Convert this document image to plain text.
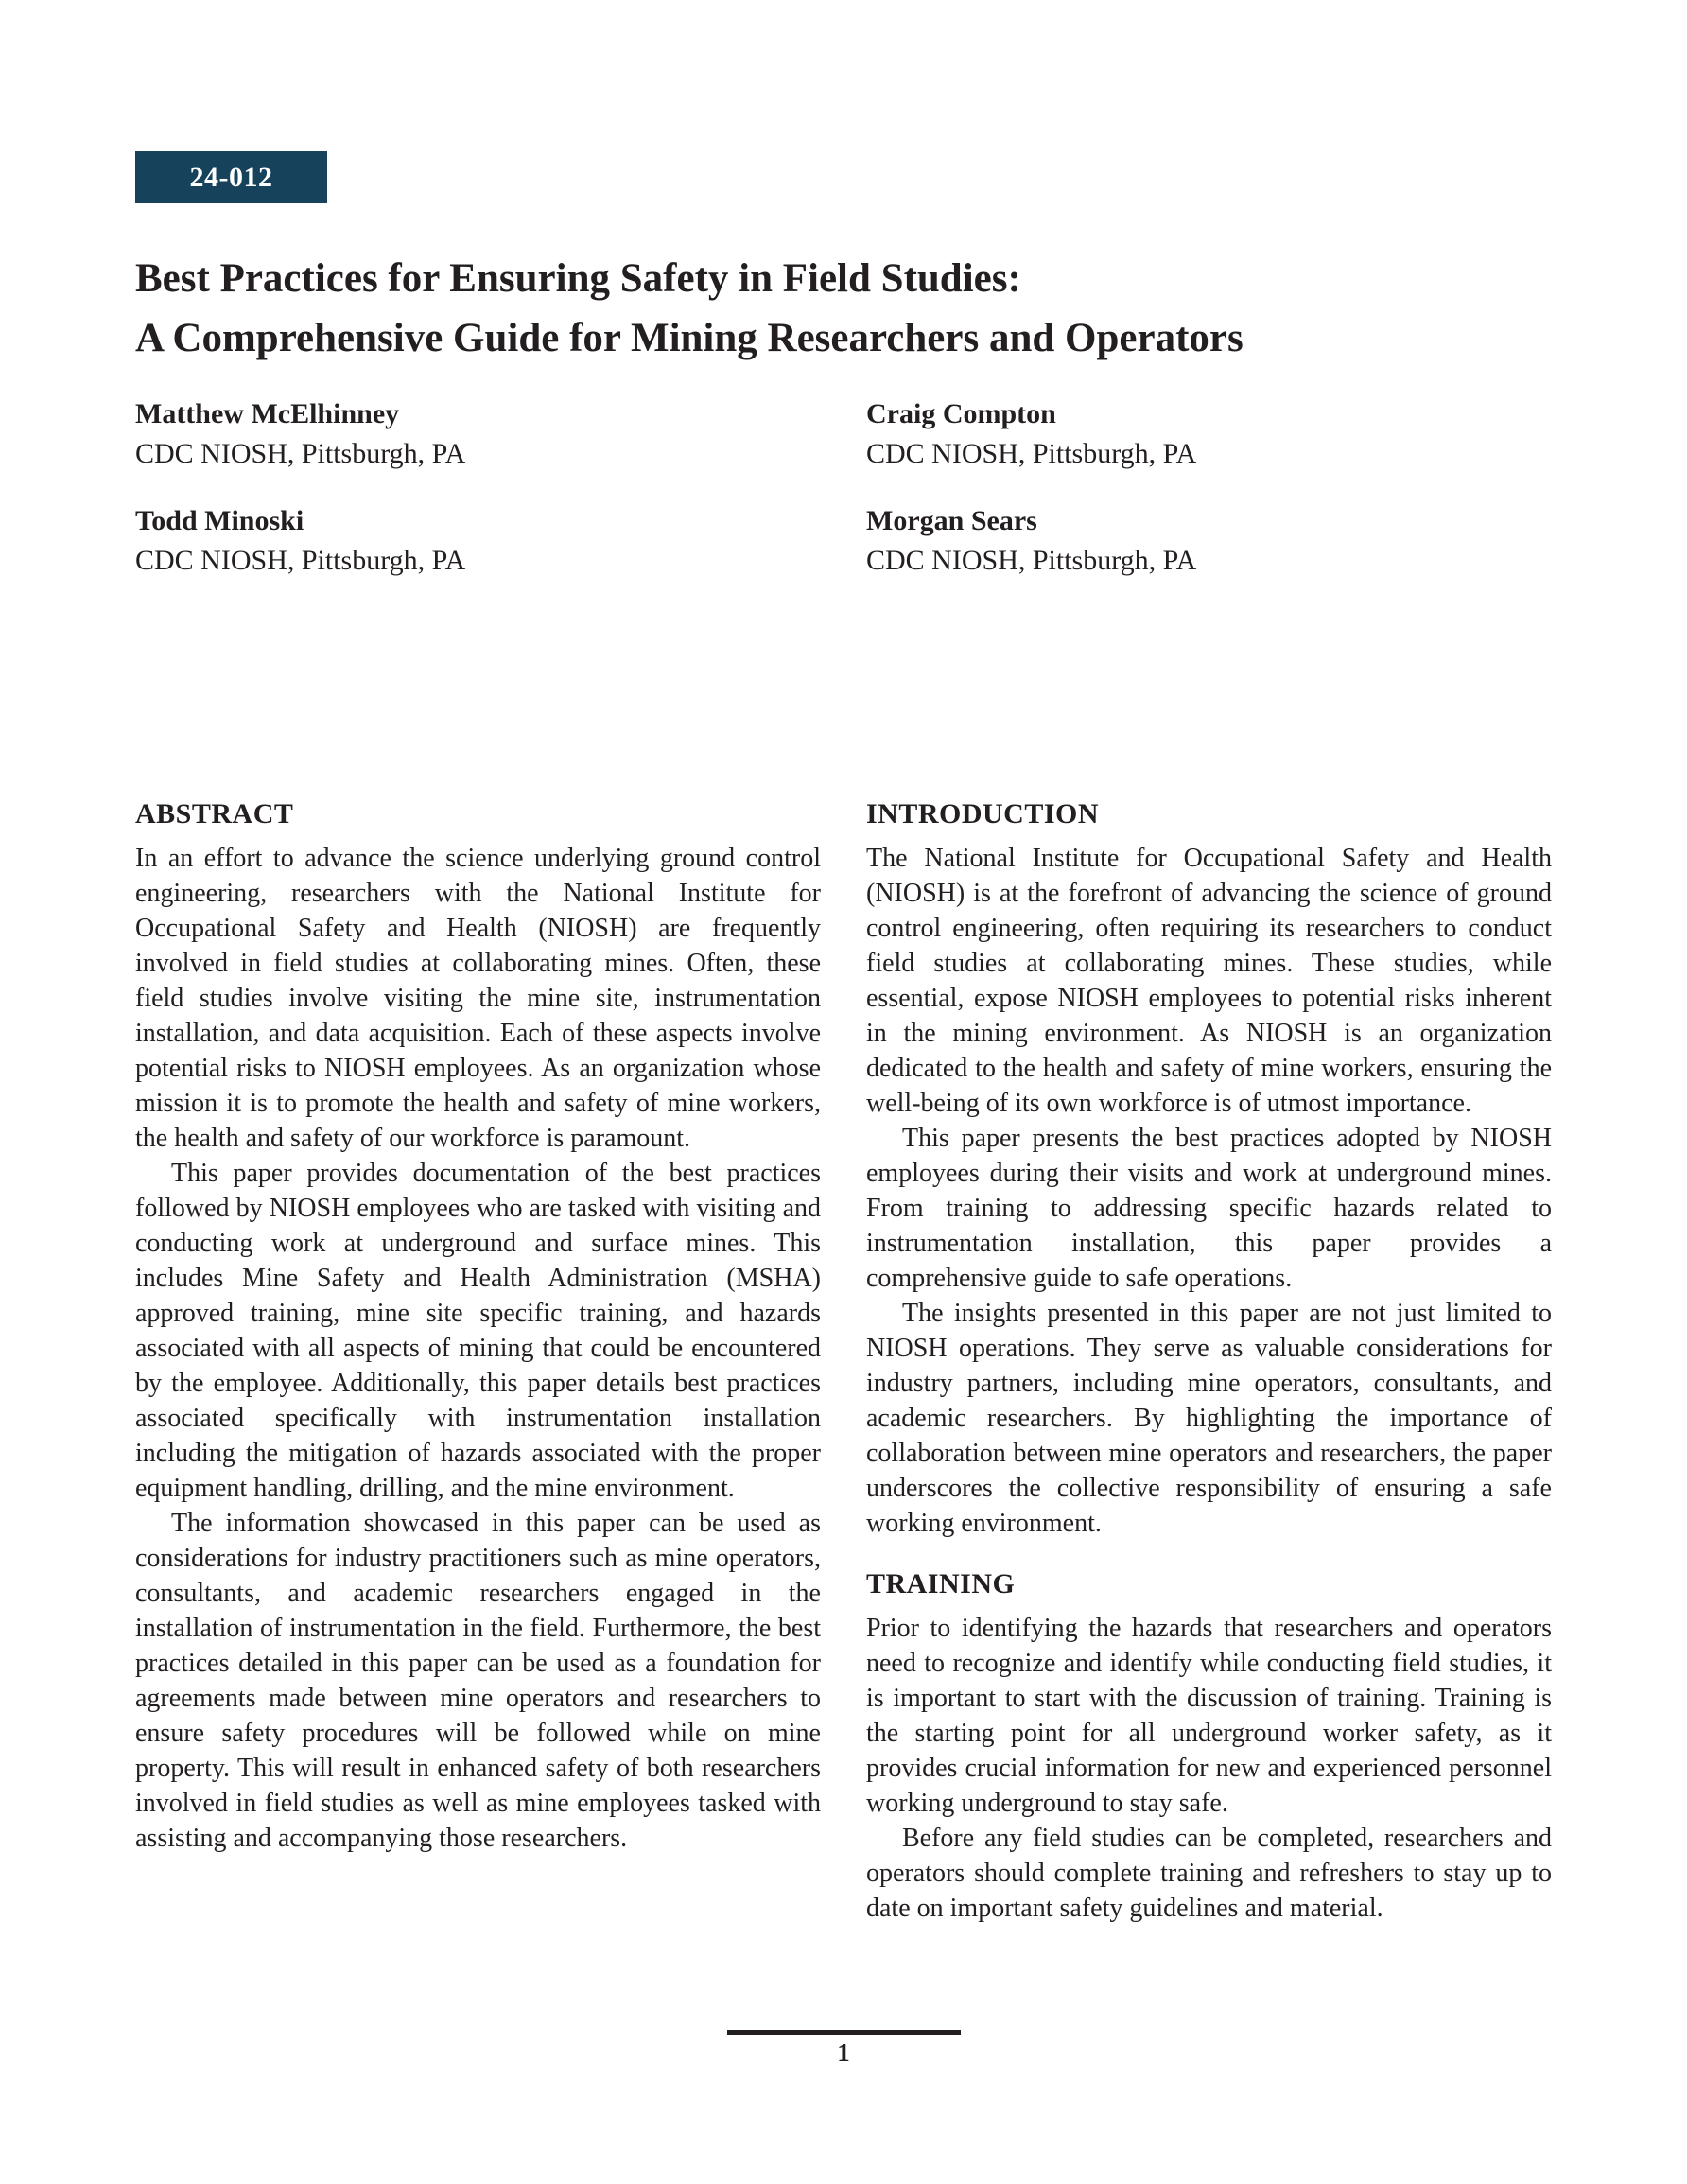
24-012
Best Practices for Ensuring Safety in Field Studies:
A Comprehensive Guide for Mining Researchers and Operators
Matthew McElhinney
CDC NIOSH, Pittsburgh, PA
Craig Compton
CDC NIOSH, Pittsburgh, PA
Todd Minoski
CDC NIOSH, Pittsburgh, PA
Morgan Sears
CDC NIOSH, Pittsburgh, PA
ABSTRACT

In an effort to advance the science underlying ground control engineering, researchers with the National Institute for Occupational Safety and Health (NIOSH) are frequently involved in field studies at collaborating mines. Often, these field studies involve visiting the mine site, instrumentation installation, and data acquisition. Each of these aspects involve potential risks to NIOSH employees. As an organization whose mission it is to promote the health and safety of mine workers, the health and safety of our workforce is paramount.

This paper provides documentation of the best practices followed by NIOSH employees who are tasked with visiting and conducting work at underground and surface mines. This includes Mine Safety and Health Administration (MSHA) approved training, mine site specific training, and hazards associated with all aspects of mining that could be encountered by the employee. Additionally, this paper details best practices associated specifically with instrumentation installation including the mitigation of hazards associated with the proper equipment handling, drilling, and the mine environment.

The information showcased in this paper can be used as considerations for industry practitioners such as mine operators, consultants, and academic researchers engaged in the installation of instrumentation in the field. Furthermore, the best practices detailed in this paper can be used as a foundation for agreements made between mine operators and researchers to ensure safety procedures will be followed while on mine property. This will result in enhanced safety of both researchers involved in field studies as well as mine employees tasked with assisting and accompanying those researchers.

INTRODUCTION

The National Institute for Occupational Safety and Health (NIOSH) is at the forefront of advancing the science of ground control engineering, often requiring its researchers to conduct field studies at collaborating mines. These studies, while essential, expose NIOSH employees to potential risks inherent in the mining environment. As NIOSH is an organization dedicated to the health and safety of mine workers, ensuring the well-being of its own workforce is of utmost importance.

This paper presents the best practices adopted by NIOSH employees during their visits and work at underground mines. From training to addressing specific hazards related to instrumentation installation, this paper provides a comprehensive guide to safe operations.

The insights presented in this paper are not just limited to NIOSH operations. They serve as valuable considerations for industry partners, including mine operators, consultants, and academic researchers. By highlighting the importance of collaboration between mine operators and researchers, the paper underscores the collective responsibility of ensuring a safe working environment.

TRAINING

Prior to identifying the hazards that researchers and operators need to recognize and identify while conducting field studies, it is important to start with the discussion of training. Training is the starting point for all underground worker safety, as it provides crucial information for new and experienced personnel working underground to stay safe.

Before any field studies can be completed, researchers and operators should complete training and refreshers to stay up to date on important safety guidelines and material.

1
